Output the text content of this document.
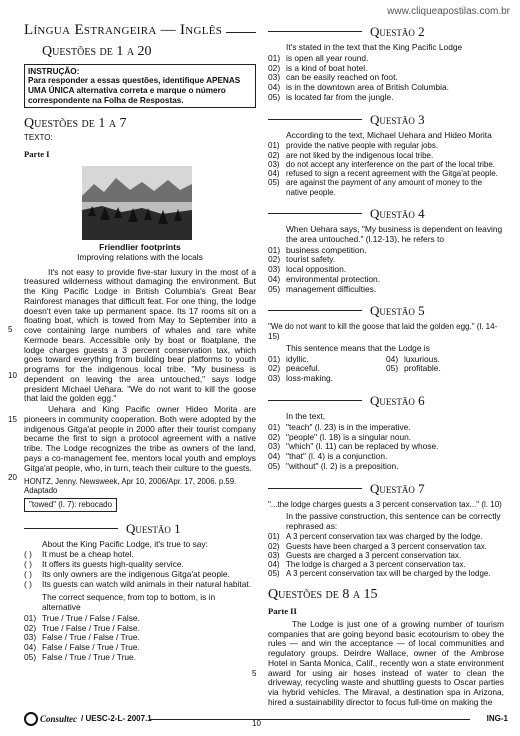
www.cliqueapostilas.com.br
Língua Estrangeira — Inglês
Questões de 1 a 20
INSTRUÇÃO:
Para responder a essas questões, identifique APENAS UMA ÚNICA alternativa correta e marque o número correspondente na Folha de Respostas.
Questões de 1 a 7
TEXTO:
Parte I
Friendlier footprints
Improving relations with the locals
5
10
15
20

It's not easy to provide five-star luxury in the most of a treasured wilderness without damaging the environment. But the King Pacific Lodge in British Columbia's Great Bear Rainforest manages that difficult feat. For one thing, the lodge doesn't even take up permanent space. Its 17 rooms sit on a floating boat, which is towed from May to September into a cove containing large numbers of whales and rare white Kermode bears. Accessible only by boat or floatplane, the lodge charges guests a 3 percent conservation tax, which goes toward everything from building bear platforms to youth programs for the indigenous local tribe. "My business is dependent on leaving the area untouched," says lodge president Michael Uehara. "We do not want to kill the goose that laid the golden egg."

Uehara and King Pacific owner Hideo Morita are pioneers in community cooperation. Both were adopted by the indigenous Gitga'at people in 2000 after their tourist company became the first to sign a protocol agreement with a native tribe. The Lodge recognizes the tribe as owners of the land, pays a co-management fee, mentors local youth and employs Gitga'at people, who, in turn, teach their culture to the guests.

HONTZ, Jenny. Newsweek, Apr 10, 2006/Apr. 17, 2006. p.59. Adaptado
"towed" (l. 7): rebocado
Questão 1
About the King Pacific Lodge, it's true to say:
( ) It must be a cheap hotel.
( ) It offers its guests high-quality service.
( ) Its only owners are the indigenous Gitga'at people.
( ) Its guests can watch wild animals in their natural habitat.
The correct sequence, from top to bottom, is in alternative
01) True / True / False / False.
02) True / False / True / False.
03) False / True / False / True.
04) False / False / True / True.
05) False / True / True / True.
Questão 2
It's stated in the text that the King Pacific Lodge
01) is open all year round.
02) is a kind of boat hotel.
03) can be easily reached on foot.
04) is in the downtown area of British Columbia.
05) is located far from the jungle.
Questão 3
According to the text, Michael Uehara and Hideo Morita
01) provide the native people with regular jobs.
02) are not liked by the indigenous local tribe.
03) do not accept any interference on the part of the local tribe.
04) refused to sign a recent agreement with the Gitga'at people.
05) are against the payment of any amount of money to the native people.
Questão 4
When Uehara says, "My business is dependent on leaving the area untouched." (l.12-13), he refers to
01) business competition.
02) tourist safety.
03) local opposition.
04) environmental protection.
05) management difficulties.
Questão 5
"We do not want to kill the goose that laid the golden egg." (l. 14-15)
This sentence means that the Lodge is
01) idyllic.	04) luxurious.
02) peaceful.	05) profitable.
03) loss-making.
Questão 6
In the text,
01) "teach" (l. 23) is in the imperative.
02) "people" (l. 18) is a singular noun.
03) "which" (l. 11) can be replaced by whose.
04) "that" (l. 4) is a conjunction.
05) "without" (l. 2) is a preposition.
Questão 7
"...the lodge charges guests a 3 percent conservation tax..." (l. 10)
In the passive construction, this sentence can be correctly rephrased as:
01) A 3 percent conservation tax was charged by the lodge.
02) Guests have been charged a 3 percent conservation tax.
03) Guests are charged a 3 percent conservation tax.
04) The lodge is charged a 3 percent conservation tax.
05) A 3 percent conservation tax will be charged by the lodge.
Questões de 8 a 15
Parte II
5
10

The Lodge is just one of a growing number of tourism companies that are going beyond basic ecotourism to obey the rules — and win the acceptance — of local communities and regulatory groups. Deirdre Wallace, owner of the Ambrose Hotel in Santa Monica, Calif., recently won a state environment award for using air hoses instead of water to clean the driveway, recycling waste and shuttling guests to Oscar parties via hybrid vehicles. The Miraval, a destination spa in Arizona, hired a sustainability director to focus full-time on making the

Consultec / UESC-2-L- 2007.1	ING-1
